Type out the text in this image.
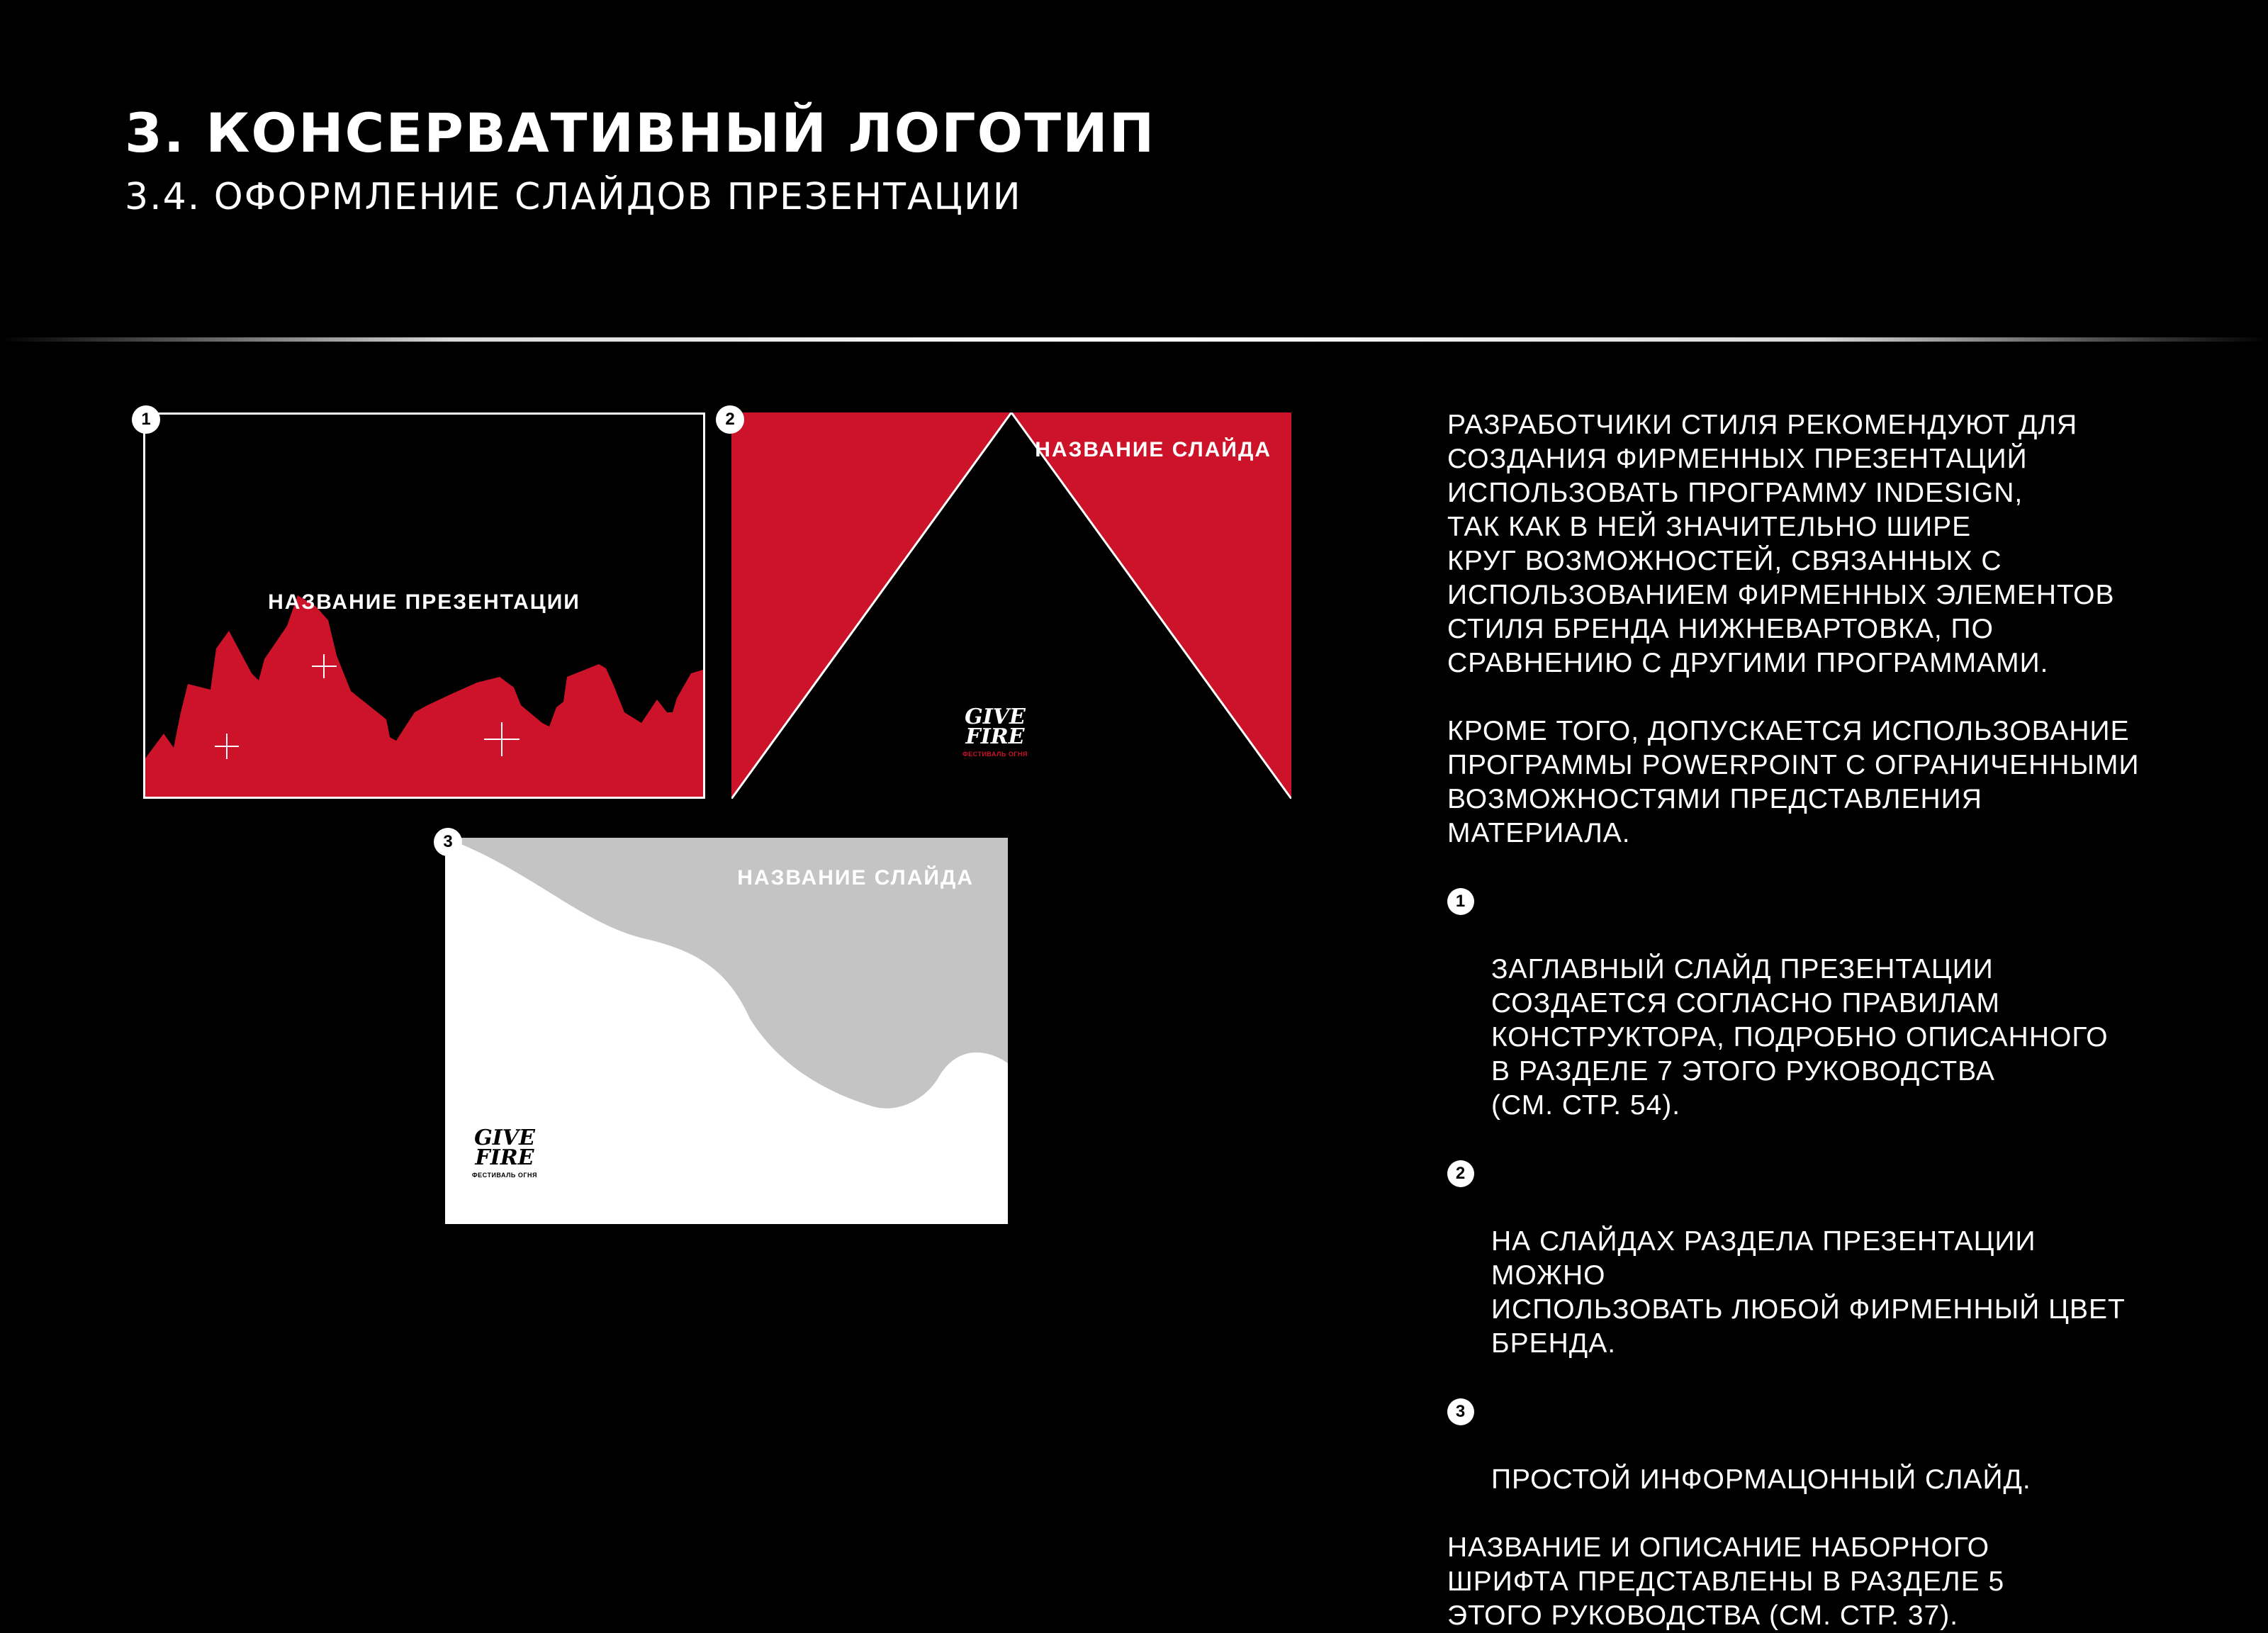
3. КОНСЕРВАТИВНЫЙ ЛОГОТИП
3.4. ОФОРМЛЕНИЕ СЛАЙДОВ ПРЕЗЕНТАЦИИ
НАЗВАНИЕ ПРЕЗЕНТАЦИИ
НАЗВАНИЕ СЛАЙДА
GIVE
FIRE
ФЕСТИВАЛЬ ОГНЯ
НАЗВАНИЕ СЛАЙДА
GIVE
FIRE
ФЕСТИВАЛЬ ОГНЯ
1	2
3

РАЗРАБОТЧИКИ СТИЛЯ РЕКОМЕНДУЮТ ДЛЯ
СОЗДАНИЯ ФИРМЕННЫХ ПРЕЗЕНТАЦИЙ
ИСПОЛЬЗОВАТЬ ПРОГРАММУ INDESIGN,
ТАК КАК В НЕЙ ЗНАЧИТЕЛЬНО ШИРЕ
КРУГ ВОЗМОЖНОСТЕЙ, СВЯЗАННЫХ С
ИСПОЛЬЗОВАНИЕМ ФИРМЕННЫХ ЭЛЕМЕНТОВ
СТИЛЯ БРЕНДА НИЖНЕВАРТОВКА, ПО
СРАВНЕНИЮ С ДРУГИМИ ПРОГРАММАМИ.

КРОМЕ ТОГО, ДОПУСКАЕТСЯ ИСПОЛЬЗОВАНИЕ
ПРОГРАММЫ POWERPOINT С ОГРАНИЧЕННЫМИ
ВОЗМОЖНОСТЯМИ ПРЕДСТАВЛЕНИЯ
МАТЕРИАЛА.

1

ЗАГЛАВНЫЙ СЛАЙД ПРЕЗЕНТАЦИИ
СОЗДАЕТСЯ СОГЛАСНО ПРАВИЛАМ
КОНСТРУКТОРА, ПОДРОБНО ОПИСАННОГО
В РАЗДЕЛЕ 7 ЭТОГО РУКОВОДСТВА
(СМ. СТР. 54).

2

НА СЛАЙДАХ РАЗДЕЛА ПРЕЗЕНТАЦИИ МОЖНО
ИСПОЛЬЗОВАТЬ ЛЮБОЙ ФИРМЕННЫЙ ЦВЕТ
БРЕНДА.

3

ПРОСТОЙ ИНФОРМАЦОННЫЙ СЛАЙД.

НАЗВАНИЕ И ОПИСАНИЕ НАБОРНОГО
ШРИФТА ПРЕДСТАВЛЕНЫ В РАЗДЕЛЕ 5
ЭТОГО РУКОВОДСТВА (СМ. СТР. 37).
